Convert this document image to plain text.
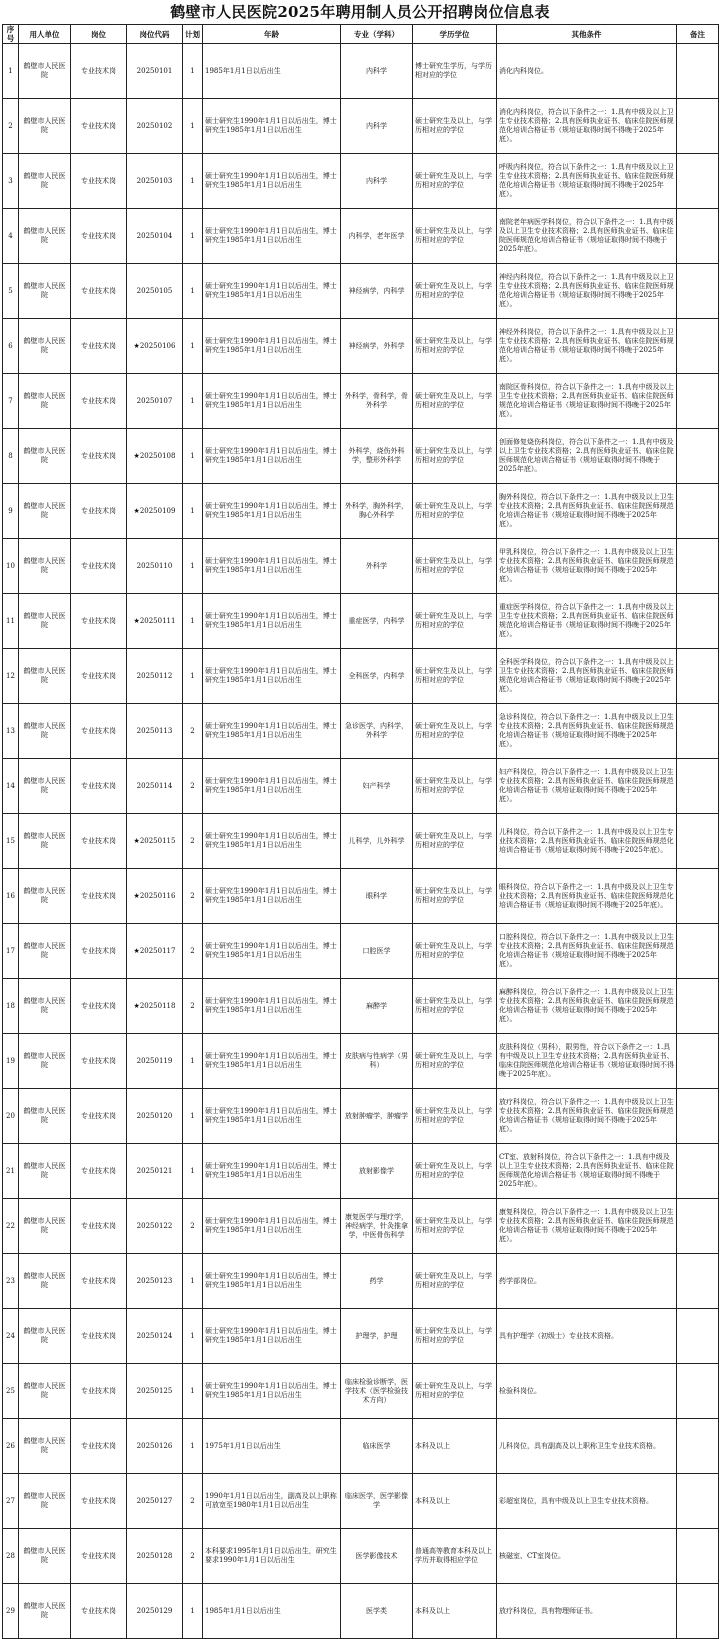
鹤壁市人民医院2025年聘用制人员公开招聘岗位信息表
序号	用人单位	岗位	岗位代码	计划	年龄	专业（学科）	学历学位	其他条件	备注
1	鹤壁市人民医院	专业技术岗	20250101	1	1985年1月1日以后出生	内科学	博士研究生学历，与学历相对应的学位	消化内科岗位。	
2	鹤壁市人民医院	专业技术岗	20250102	1	硕士研究生1990年1月1日以后出生，博士研究生1985年1月1日以后出生	内科学	硕士研究生及以上，与学历相对应的学位	消化内科岗位，符合以下条件之一：1.具有中级及以上卫生专业技术资格；2.具有医师执业证书、临床住院医师规范化培训合格证书（规培证取得时间不得晚于2025年底）。	
3	鹤壁市人民医院	专业技术岗	20250103	1	硕士研究生1990年1月1日以后出生，博士研究生1985年1月1日以后出生	内科学	硕士研究生及以上，与学历相对应的学位	呼吸内科岗位，符合以下条件之一：1.具有中级及以上卫生专业技术资格；2.具有医师执业证书、临床住院医师规范化培训合格证书（规培证取得时间不得晚于2025年底）。	
4	鹤壁市人民医院	专业技术岗	20250104	1	硕士研究生1990年1月1日以后出生，博士研究生1985年1月1日以后出生	内科学，老年医学	硕士研究生及以上，与学历相对应的学位	南院老年病医学科岗位，符合以下条件之一：1.具有中级及以上卫生专业技术资格；2.具有医师执业证书、临床住院医师规范化培训合格证书（规培证取得时间不得晚于2025年底）。	
5	鹤壁市人民医院	专业技术岗	20250105	1	硕士研究生1990年1月1日以后出生，博士研究生1985年1月1日以后出生	神经病学，内科学	硕士研究生及以上，与学历相对应的学位	神经内科岗位，符合以下条件之一：1.具有中级及以上卫生专业技术资格；2.具有医师执业证书、临床住院医师规范化培训合格证书（规培证取得时间不得晚于2025年底）。	
6	鹤壁市人民医院	专业技术岗	★20250106	1	硕士研究生1990年1月1日以后出生，博士研究生1985年1月1日以后出生	神经病学，外科学	硕士研究生及以上，与学历相对应的学位	神经外科岗位，符合以下条件之一：1.具有中级及以上卫生专业技术资格；2.具有医师执业证书、临床住院医师规范化培训合格证书（规培证取得时间不得晚于2025年底）。	
7	鹤壁市人民医院	专业技术岗	20250107	1	硕士研究生1990年1月1日以后出生，博士研究生1985年1月1日以后出生	外科学，骨科学，骨外科学	硕士研究生及以上，与学历相对应的学位	南院区骨科岗位，符合以下条件之一：1.具有中级及以上卫生专业技术资格；2.具有医师执业证书、临床住院医师规范化培训合格证书（规培证取得时间不得晚于2025年底）。	
8	鹤壁市人民医院	专业技术岗	★20250108	1	硕士研究生1990年1月1日以后出生，博士研究生1985年1月1日以后出生	外科学，烧伤外科学，整形外科学	硕士研究生及以上，与学历相对应的学位	创面修复烧伤科岗位，符合以下条件之一：1.具有中级及以上卫生专业技术资格；2.具有医师执业证书、临床住院医师规范化培训合格证书（规培证取得时间不得晚于2025年底）。	
9	鹤壁市人民医院	专业技术岗	★20250109	1	硕士研究生1990年1月1日以后出生，博士研究生1985年1月1日以后出生	外科学，胸外科学，胸心外科学	硕士研究生及以上，与学历相对应的学位	胸外科岗位，符合以下条件之一：1.具有中级及以上卫生专业技术资格；2.具有医师执业证书、临床住院医师规范化培训合格证书（规培证取得时间不得晚于2025年底）。	
10	鹤壁市人民医院	专业技术岗	20250110	1	硕士研究生1990年1月1日以后出生，博士研究生1985年1月1日以后出生	外科学	硕士研究生及以上，与学历相对应的学位	甲乳科岗位，符合以下条件之一：1.具有中级及以上卫生专业技术资格；2.具有医师执业证书、临床住院医师规范化培训合格证书（规培证取得时间不得晚于2025年底）。	
11	鹤壁市人民医院	专业技术岗	★20250111	1	硕士研究生1990年1月1日以后出生，博士研究生1985年1月1日以后出生	重症医学，内科学	硕士研究生及以上，与学历相对应的学位	重症医学科岗位，符合以下条件之一：1.具有中级及以上卫生专业技术资格；2.具有医师执业证书、临床住院医师规范化培训合格证书（规培证取得时间不得晚于2025年底）。	
12	鹤壁市人民医院	专业技术岗	20250112	1	硕士研究生1990年1月1日以后出生，博士研究生1985年1月1日以后出生	全科医学，内科学	硕士研究生及以上，与学历相对应的学位	全科医学科岗位，符合以下条件之一：1.具有中级及以上卫生专业技术资格；2.具有医师执业证书、临床住院医师规范化培训合格证书（规培证取得时间不得晚于2025年底）。	
13	鹤壁市人民医院	专业技术岗	20250113	2	硕士研究生1990年1月1日以后出生，博士研究生1985年1月1日以后出生	急诊医学，内科学，外科学	硕士研究生及以上，与学历相对应的学位	急诊科岗位，符合以下条件之一：1.具有中级及以上卫生专业技术资格；2.具有医师执业证书、临床住院医师规范化培训合格证书（规培证取得时间不得晚于2025年底）。	
14	鹤壁市人民医院	专业技术岗	20250114	2	硕士研究生1990年1月1日以后出生，博士研究生1985年1月1日以后出生	妇产科学	硕士研究生及以上，与学历相对应的学位	妇产科岗位，符合以下条件之一：1.具有中级及以上卫生专业技术资格；2.具有医师执业证书、临床住院医师规范化培训合格证书（规培证取得时间不得晚于2025年底）。	
15	鹤壁市人民医院	专业技术岗	★20250115	2	硕士研究生1990年1月1日以后出生，博士研究生1985年1月1日以后出生	儿科学，儿外科学	硕士研究生及以上，与学历相对应的学位	儿科岗位，符合以下条件之一：1.具有中级及以上卫生专业技术资格；2.具有医师执业证书、临床住院医师规范化培训合格证书（规培证取得时间不得晚于2025年底）。	
16	鹤壁市人民医院	专业技术岗	★20250116	2	硕士研究生1990年1月1日以后出生，博士研究生1985年1月1日以后出生	眼科学	硕士研究生及以上，与学历相对应的学位	眼科岗位，符合以下条件之一：1.具有中级及以上卫生专业技术资格；2.具有医师执业证书、临床住院医师规范化培训合格证书（规培证取得时间不得晚于2025年底）。	
17	鹤壁市人民医院	专业技术岗	★20250117	2	硕士研究生1990年1月1日以后出生，博士研究生1985年1月1日以后出生	口腔医学	硕士研究生及以上，与学历相对应的学位	口腔科岗位，符合以下条件之一：1.具有中级及以上卫生专业技术资格；2.具有医师执业证书、临床住院医师规范化培训合格证书（规培证取得时间不得晚于2025年底）。	
18	鹤壁市人民医院	专业技术岗	★20250118	2	硕士研究生1990年1月1日以后出生，博士研究生1985年1月1日以后出生	麻醉学	硕士研究生及以上，与学历相对应的学位	麻醉科岗位，符合以下条件之一：1.具有中级及以上卫生专业技术资格；2.具有医师执业证书、临床住院医师规范化培训合格证书（规培证取得时间不得晚于2025年底）。	
19	鹤壁市人民医院	专业技术岗	20250119	1	硕士研究生1990年1月1日以后出生，博士研究生1985年1月1日以后出生	皮肤病与性病学（男科）	硕士研究生及以上，与学历相对应的学位	皮肤科岗位（男科），限男性，符合以下条件之一：1.具有中级及以上卫生专业技术资格；2.具有医师执业证书、临床住院医师规范化培训合格证书（规培证取得时间不得晚于2025年底）。	
20	鹤壁市人民医院	专业技术岗	20250120	1	硕士研究生1990年1月1日以后出生，博士研究生1985年1月1日以后出生	放射肿瘤学，肿瘤学	硕士研究生及以上，与学历相对应的学位	放疗科岗位，符合以下条件之一：1.具有中级及以上卫生专业技术资格；2.具有医师执业证书、临床住院医师规范化培训合格证书（规培证取得时间不得晚于2025年底）。	
21	鹤壁市人民医院	专业技术岗	20250121	1	硕士研究生1990年1月1日以后出生，博士研究生1985年1月1日以后出生	放射影像学	硕士研究生及以上，与学历相对应的学位	CT室、放射科岗位，符合以下条件之一：1.具有中级及以上卫生专业技术资格；2.具有医师执业证书、临床住院医师规范化培训合格证书（规培证取得时间不得晚于2025年底）。	
22	鹤壁市人民医院	专业技术岗	20250122	2	硕士研究生1990年1月1日以后出生，博士研究生1985年1月1日以后出生	康复医学与理疗学，神经病学，针灸推拿学，中医骨伤科学	硕士研究生及以上，与学历相对应的学位	康复科岗位，符合以下条件之一：1.具有中级及以上卫生专业技术资格；2.具有医师执业证书、临床住院医师规范化培训合格证书（规培证取得时间不得晚于2025年底）。	
23	鹤壁市人民医院	专业技术岗	20250123	1	硕士研究生1990年1月1日以后出生，博士研究生1985年1月1日以后出生	药学	硕士研究生及以上，与学历相对应的学位	药学部岗位。	
24	鹤壁市人民医院	专业技术岗	20250124	1	硕士研究生1990年1月1日以后出生，博士研究生1985年1月1日以后出生	护理学，护理	硕士研究生及以上，与学历相对应的学位	具有护理学（初级士）专业技术资格。	
25	鹤壁市人民医院	专业技术岗	20250125	1	硕士研究生1990年1月1日以后出生，博士研究生1985年1月1日以后出生	临床检验诊断学，医学技术（医学检验技术方向）	硕士研究生及以上，与学历相对应的学位	检验科岗位。	
26	鹤壁市人民医院	专业技术岗	20250126	1	1975年1月1日以后出生	临床医学	本科及以上	儿科岗位，具有副高及以上职称卫生专业技术资格。	
27	鹤壁市人民医院	专业技术岗	20250127	2	1990年1月1日以后出生，副高及以上职称可放宽至1980年1月1日以后出生	临床医学，医学影像学	本科及以上	彩超室岗位，具有中级及以上卫生专业技术资格。	
28	鹤壁市人民医院	专业技术岗	20250128	2	本科要求1995年1月1日以后出生，研究生要求1990年1月1日以后出生	医学影像技术	普通高等教育本科及以上学历并取得相应学位	核磁室、CT室岗位。	
29	鹤壁市人民医院	专业技术岗	20250129	1	1985年1月1日以后出生	医学类	本科及以上	放疗科岗位，具有物理师证书。	
